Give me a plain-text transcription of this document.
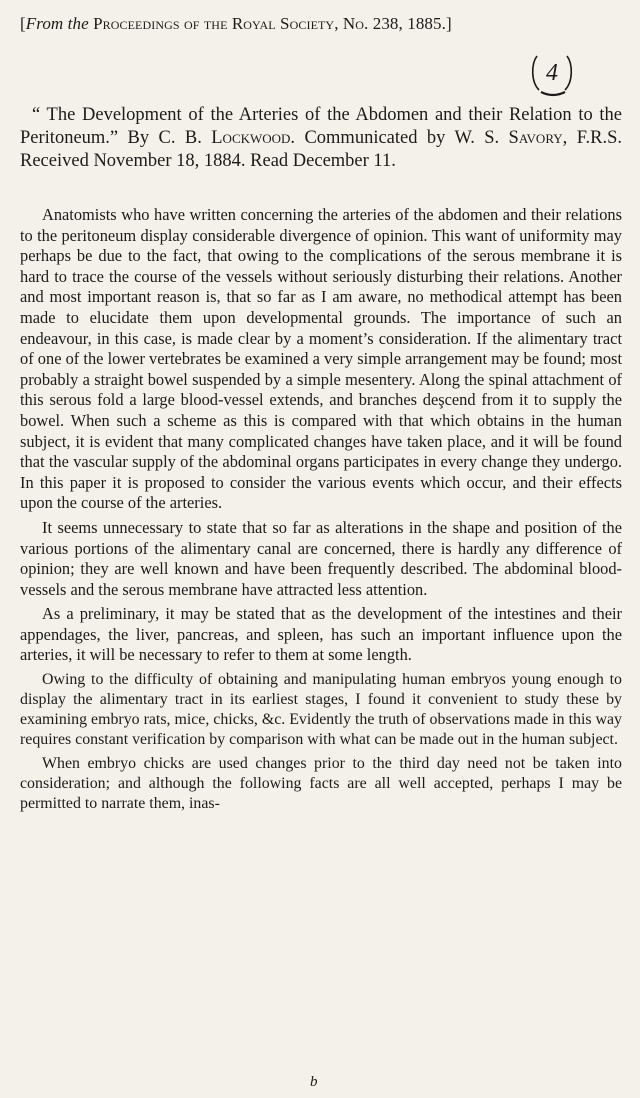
[From the Proceedings of the Royal Society, No. 238, 1885.]
4
“ The Development of the Arteries of the Abdomen and their Relation to the Peritoneum.” By C. B. Lockwood. Communicated by W. S. Savory, F.R.S. Received November 18, 1884. Read December 11.

Anatomists who have written concerning the arteries of the abdomen and their relations to the peritoneum display considerable divergence of opinion. This want of uniformity may perhaps be due to the fact, that owing to the complications of the serous membrane it is hard to trace the course of the vessels without seriously disturbing their relations. Another and most important reason is, that so far as I am aware, no methodical attempt has been made to elucidate them upon developmental grounds. The importance of such an endeavour, in this case, is made clear by a moment’s consideration. If the alimentary tract of one of the lower vertebrates be examined a very simple arrangement may be found; most probably a straight bowel suspended by a simple mesentery. Along the spinal attachment of this serous fold a large blood-vessel extends, and branches deşcend from it to supply the bowel. When such a scheme as this is compared with that which obtains in the human subject, it is evident that many complicated changes have taken place, and it will be found that the vascular supply of the abdominal organs participates in every change they undergo. In this paper it is proposed to consider the various events which occur, and their effects upon the course of the arteries.

It seems unnecessary to state that so far as alterations in the shape and position of the various portions of the alimentary canal are concerned, there is hardly any difference of opinion; they are well known and have been frequently described. The abdominal blood-vessels and the serous membrane have attracted less attention.

As a preliminary, it may be stated that as the development of the intestines and their appendages, the liver, pancreas, and spleen, has such an important influence upon the arteries, it will be necessary to refer to them at some length.

Owing to the difficulty of obtaining and manipulating human embryos young enough to display the alimentary tract in its earliest stages, I found it convenient to study these by examining embryo rats, mice, chicks, &c. Evidently the truth of observations made in this way requires constant verification by comparison with what can be made out in the human subject.

When embryo chicks are used changes prior to the third day need not be taken into consideration; and although the following facts are all well accepted, perhaps I may be permitted to narrate them, inas-

b
